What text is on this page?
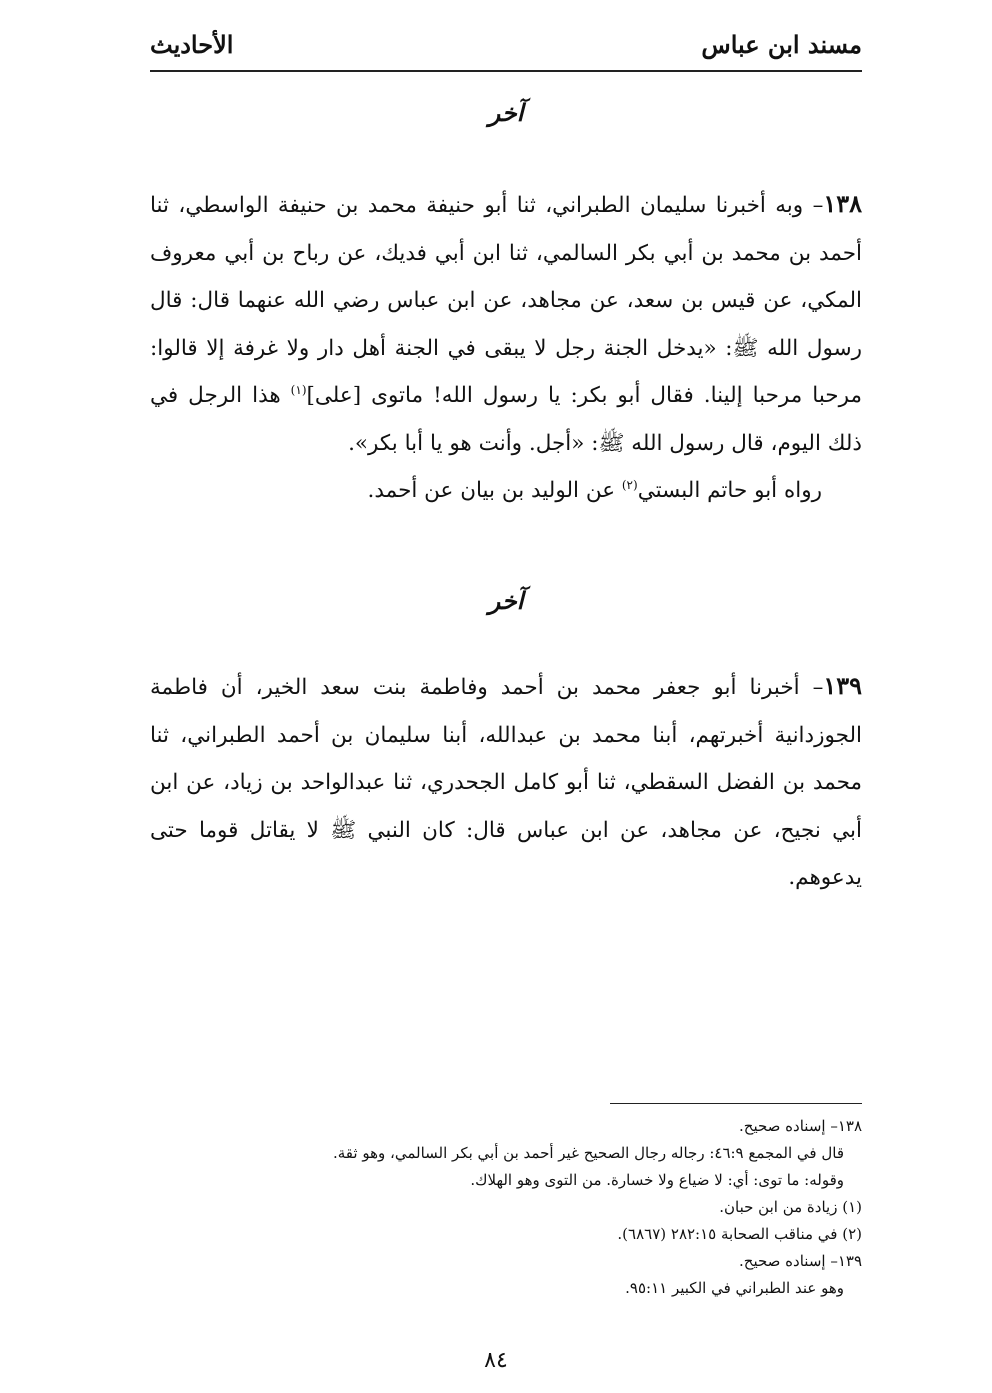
مسند ابن عباس
الأحاديث
آخر
١٣٨– وبه أخبرنا سليمان الطبراني، ثنا أبو حنيفة محمد بن حنيفة الواسطي، ثنا أحمد بن محمد بن أبي بكر السالمي، ثنا ابن أبي فديك، عن رباح بن أبي معروف المكي، عن قيس بن سعد، عن مجاهد، عن ابن عباس رضي الله عنهما قال: قال رسول الله ﷺ: «يدخل الجنة رجل لا يبقى في الجنة أهل دار ولا غرفة إلا قالوا: مرحبا مرحبا إلينا. فقال أبو بكر: يا رسول الله! ماتوى [على]$^{(١)}$ هذا الرجل في ذلك اليوم، قال رسول الله ﷺ: «أجل. وأنت هو يا أبا بكر».
رواه أبو حاتم البستي$^{(٢)}$ عن الوليد بن بيان عن أحمد.
آخر
١٣٩– أخبرنا أبو جعفر محمد بن أحمد وفاطمة بنت سعد الخير، أن فاطمة الجوزدانية أخبرتهم، أبنا محمد بن عبدالله، أبنا سليمان بن أحمد الطبراني، ثنا محمد بن الفضل السقطي، ثنا أبو كامل الجحدري، ثنا عبدالواحد بن زياد، عن ابن أبي نجيح، عن مجاهد، عن ابن عباس قال: كان النبي ﷺ لا يقاتل قوما حتى يدعوهم.
١٣٨– إسناده صحيح.
قال في المجمع ٤٦:٩: رجاله رجال الصحيح غير أحمد بن أبي بكر السالمي، وهو ثقة.
وقوله: ما توى: أي: لا ضياع ولا خسارة. من التوى وهو الهلاك.
(١) زيادة من ابن حبان.
(٢) في مناقب الصحابة ٢٨٢:١٥ (٦٨٦٧).
١٣٩– إسناده صحيح.
وهو عند الطبراني في الكبير ٩٥:١١.
٨٤
